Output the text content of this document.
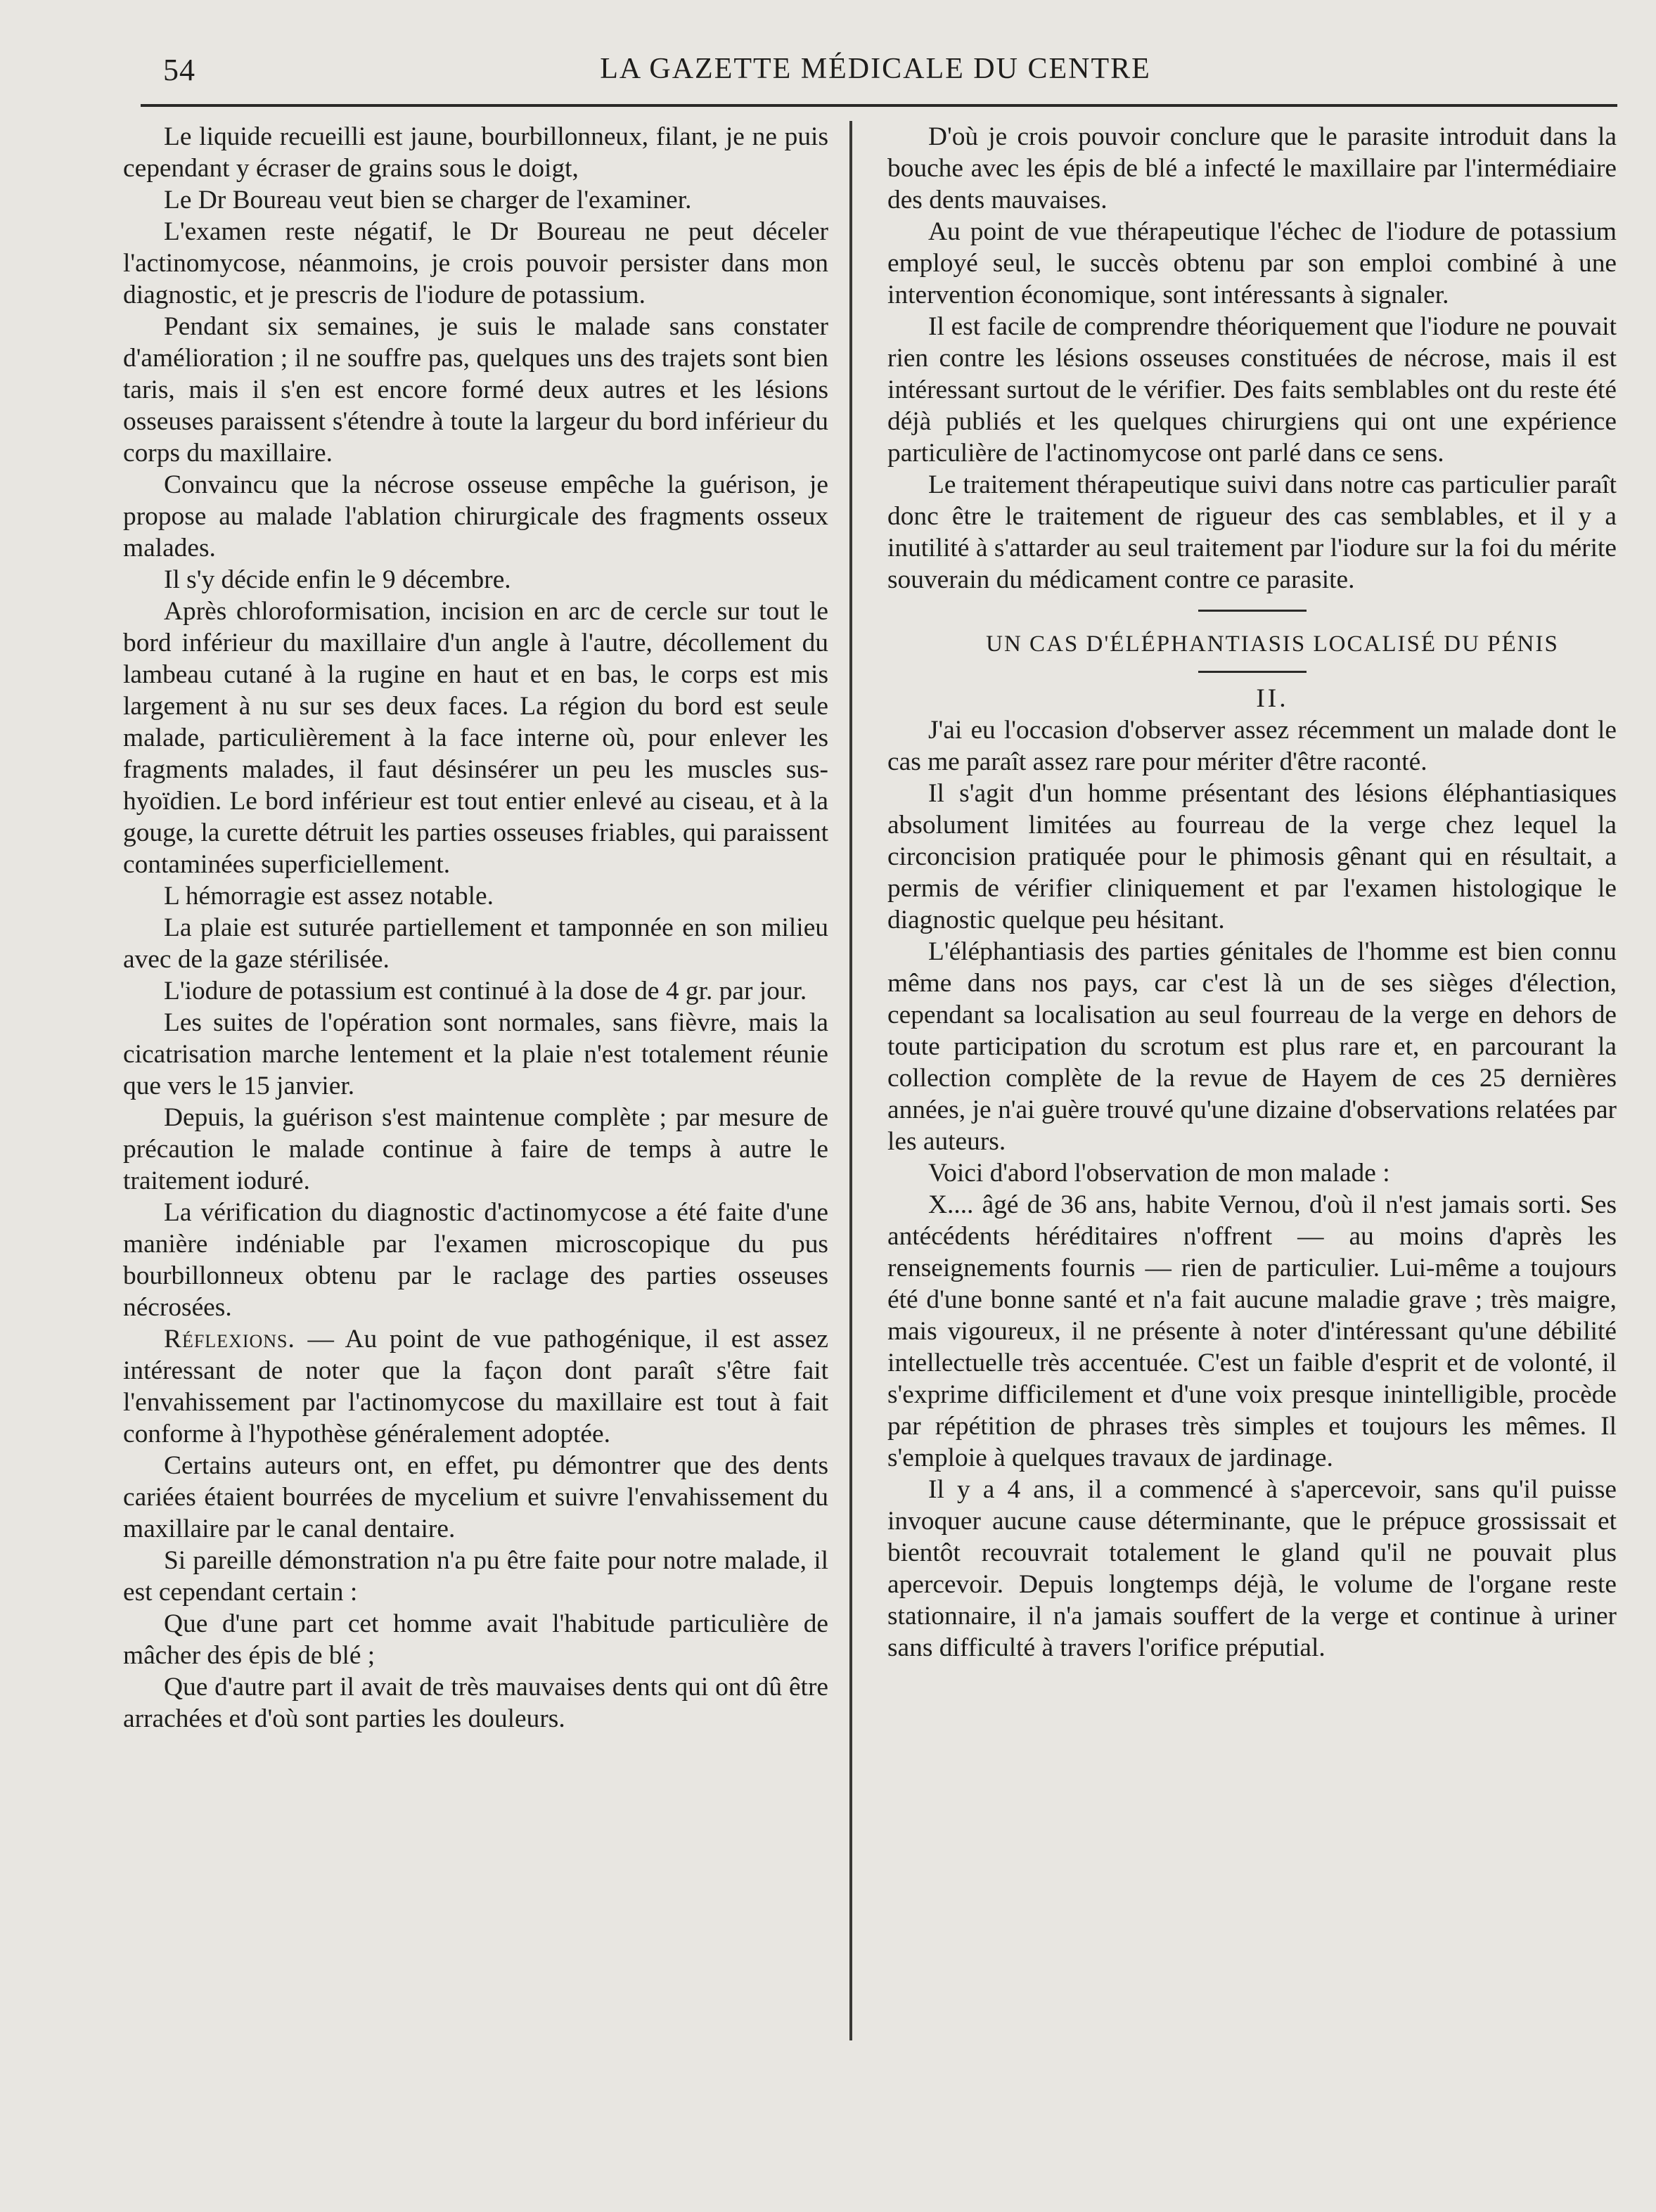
54	LA GAZETTE MÉDICALE DU CENTRE

Le liquide recueilli est jaune, bourbillonneux, filant, je ne puis cependant y écraser de grains sous le doigt,

Le Dr Boureau veut bien se charger de l'examiner.

L'examen reste négatif, le Dr Boureau ne peut déceler l'actinomycose, néanmoins, je crois pouvoir persister dans mon diagnostic, et je prescris de l'iodure de potassium.

Pendant six semaines, je suis le malade sans constater d'amélioration ; il ne souffre pas, quelques uns des trajets sont bien taris, mais il s'en est encore formé deux autres et les lésions osseuses paraissent s'étendre à toute la largeur du bord inférieur du corps du maxillaire.

Convaincu que la nécrose osseuse empêche la guérison, je propose au malade l'ablation chirurgicale des fragments osseux malades.

Il s'y décide enfin le 9 décembre.

Après chloroformisation, incision en arc de cercle sur tout le bord inférieur du maxillaire d'un angle à l'autre, décollement du lambeau cutané à la rugine en haut et en bas, le corps est mis largement à nu sur ses deux faces. La région du bord est seule malade, particulièrement à la face interne où, pour enlever les fragments malades, il faut désinsérer un peu les muscles sus-hyoïdien. Le bord inférieur est tout entier enlevé au ciseau, et à la gouge, la curette détruit les parties osseuses friables, qui paraissent contaminées superficiellement.

L hémorragie est assez notable.

La plaie est suturée partiellement et tamponnée en son milieu avec de la gaze stérilisée.

L'iodure de potassium est continué à la dose de 4 gr. par jour.

Les suites de l'opération sont normales, sans fièvre, mais la cicatrisation marche lentement et la plaie n'est totalement réunie que vers le 15 janvier.

Depuis, la guérison s'est maintenue complète ; par mesure de précaution le malade continue à faire de temps à autre le traitement ioduré.

La vérification du diagnostic d'actinomycose a été faite d'une manière indéniable par l'examen microscopique du pus bourbillonneux obtenu par le raclage des parties osseuses nécrosées.

Réflexions. — Au point de vue pathogénique, il est assez intéressant de noter que la façon dont paraît s'être fait l'envahissement par l'actinomycose du maxillaire est tout à fait conforme à l'hypothèse généralement adoptée.

Certains auteurs ont, en effet, pu démontrer que des dents cariées étaient bourrées de mycelium et suivre l'envahissement du maxillaire par le canal dentaire.

Si pareille démonstration n'a pu être faite pour notre malade, il est cependant certain :

Que d'une part cet homme avait l'habitude particulière de mâcher des épis de blé ;

Que d'autre part il avait de très mauvaises dents qui ont dû être arrachées et d'où sont parties les douleurs.

D'où je crois pouvoir conclure que le parasite introduit dans la bouche avec les épis de blé a infecté le maxillaire par l'intermédiaire des dents mauvaises.

Au point de vue thérapeutique l'échec de l'iodure de potassium employé seul, le succès obtenu par son emploi combiné à une intervention économique, sont intéressants à signaler.

Il est facile de comprendre théoriquement que l'iodure ne pouvait rien contre les lésions osseuses constituées de nécrose, mais il est intéressant surtout de le vérifier. Des faits semblables ont du reste été déjà publiés et les quelques chirurgiens qui ont une expérience particulière de l'actinomycose ont parlé dans ce sens.

Le traitement thérapeutique suivi dans notre cas particulier paraît donc être le traitement de rigueur des cas semblables, et il y a inutilité à s'attarder au seul traitement par l'iodure sur la foi du mérite souverain du médicament contre ce parasite.

UN CAS D'ÉLÉPHANTIASIS LOCALISÉ DU PÉNIS

II.

J'ai eu l'occasion d'observer assez récemment un malade dont le cas me paraît assez rare pour mériter d'être raconté.

Il s'agit d'un homme présentant des lésions éléphantiasiques absolument limitées au fourreau de la verge chez lequel la circoncision pratiquée pour le phimosis gênant qui en résultait, a permis de vérifier cliniquement et par l'examen histologique le diagnostic quelque peu hésitant.

L'éléphantiasis des parties génitales de l'homme est bien connu même dans nos pays, car c'est là un de ses sièges d'élection, cependant sa localisation au seul fourreau de la verge en dehors de toute participation du scrotum est plus rare et, en parcourant la collection complète de la revue de Hayem de ces 25 dernières années, je n'ai guère trouvé qu'une dizaine d'observations relatées par les auteurs.

Voici d'abord l'observation de mon malade :

X.... âgé de 36 ans, habite Vernou, d'où il n'est jamais sorti. Ses antécédents héréditaires n'offrent — au moins d'après les renseignements fournis — rien de particulier. Lui-même a toujours été d'une bonne santé et n'a fait aucune maladie grave ; très maigre, mais vigoureux, il ne présente à noter d'intéressant qu'une débilité intellectuelle très accentuée. C'est un faible d'esprit et de volonté, il s'exprime difficilement et d'une voix presque inintelligible, procède par répétition de phrases très simples et toujours les mêmes. Il s'emploie à quelques travaux de jardinage.

Il y a 4 ans, il a commencé à s'apercevoir, sans qu'il puisse invoquer aucune cause déterminante, que le prépuce grossissait et bientôt recouvrait totalement le gland qu'il ne pouvait plus apercevoir. Depuis longtemps déjà, le volume de l'organe reste stationnaire, il n'a jamais souffert de la verge et continue à uriner sans difficulté à travers l'orifice préputial.
